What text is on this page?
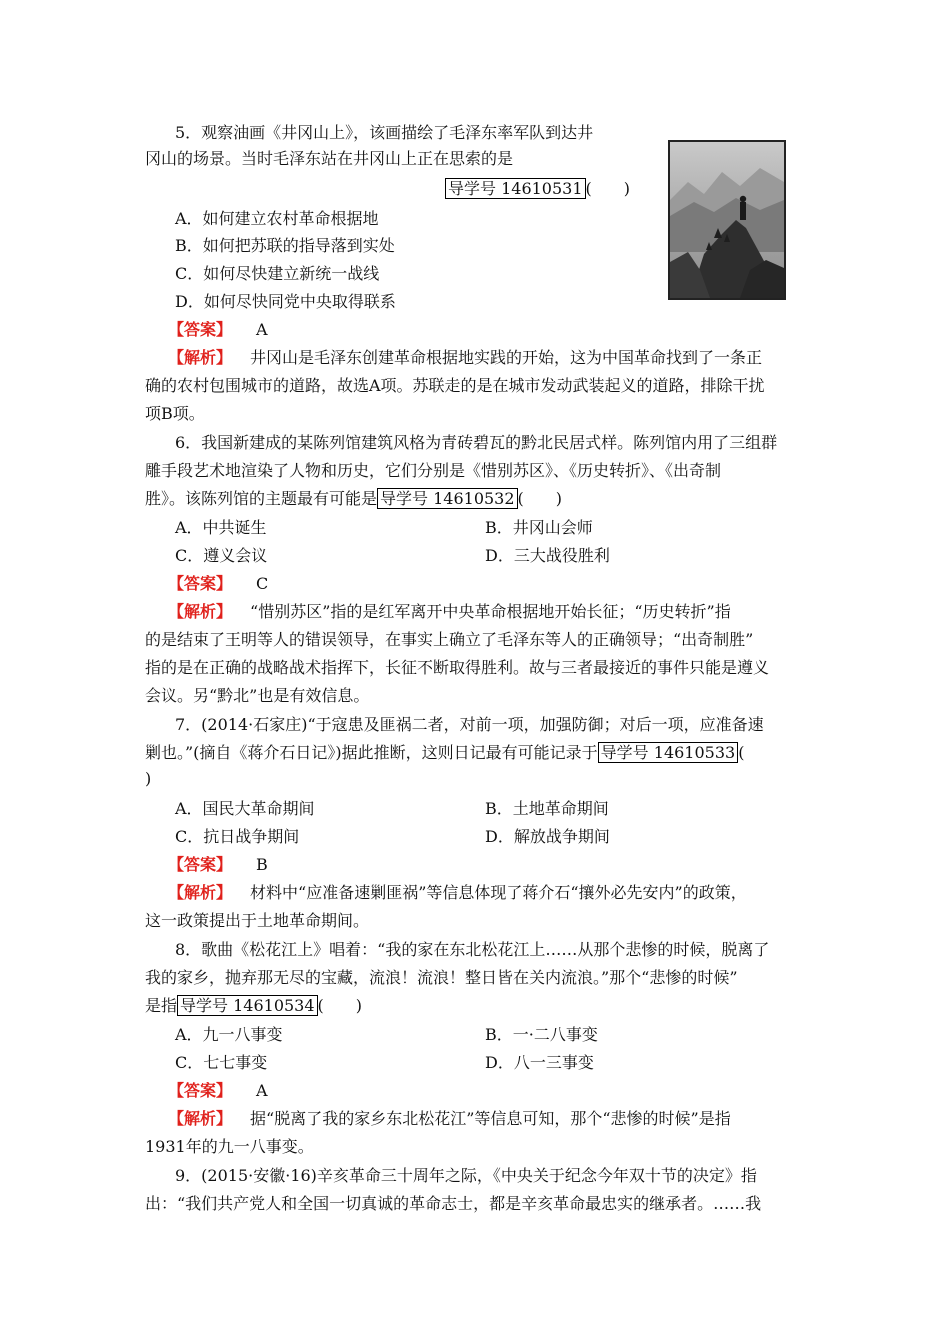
5．观察油画《井冈山上》，该画描绘了毛泽东率军队到达井
冈山的场景。当时毛泽东站在井冈山上正在思索的是
导学号 14610531 (　　)
A．如何建立农村革命根据地
B．如何把苏联的指导落到实处
C．如何尽快建立新统一战线
D．如何尽快同党中央取得联系
【答案】 A
【解析】 井冈山是毛泽东创建革命根据地实践的开始，这为中国革命找到了一条正
确的农村包围城市的道路，故选A项。苏联走的是在城市发动武装起义的道路，排除干扰
项B项。
6．我国新建成的某陈列馆建筑风格为青砖碧瓦的黔北民居式样。陈列馆内用了三组群
雕手段艺术地渲染了人物和历史，它们分别是《惜别苏区》、《历史转折》、《出奇制
胜》。该陈列馆的主题最有可能是 导学号 14610532 (　　)
A．中共诞生	B．井冈山会师
C．遵义会议	D．三大战役胜利
【答案】 C
【解析】 “惜别苏区”指的是红军离开中央革命根据地开始长征；“历史转折”指
的是结束了王明等人的错误领导，在事实上确立了毛泽东等人的正确领导；“出奇制胜”
指的是在正确的战略战术指挥下，长征不断取得胜利。故与三者最接近的事件只能是遵义
会议。另“黔北”也是有效信息。
7．(2014·石家庄)“于寇患及匪祸二者，对前一项，加强防御；对后一项，应准备速
剿也。”(摘自《蒋介石日记》)据此推断，这则日记最有可能记录于 导学号 14610533 (
)
A．国民大革命期间	B．土地革命期间
C．抗日战争期间	D．解放战争期间
【答案】 B
【解析】 材料中“应准备速剿匪祸”等信息体现了蒋介石“攘外必先安内”的政策，
这一政策提出于土地革命期间。
8．歌曲《松花江上》唱着：“我的家在东北松花江上……从那个悲惨的时候，脱离了
我的家乡，抛弃那无尽的宝藏，流浪！流浪！整日皆在关内流浪。”那个“悲惨的时候”
是指 导学号 14610534 (　　)
A．九一八事变	B．一·二八事变
C．七七事变	D．八一三事变
【答案】 A
【解析】 据“脱离了我的家乡东北松花江”等信息可知，那个“悲惨的时候”是指
1931年的九一八事变。
9．(2015·安徽·16)辛亥革命三十周年之际，《中央关于纪念今年双十节的决定》指
出：“我们共产党人和全国一切真诚的革命志士，都是辛亥革命最忠实的继承者。……我
